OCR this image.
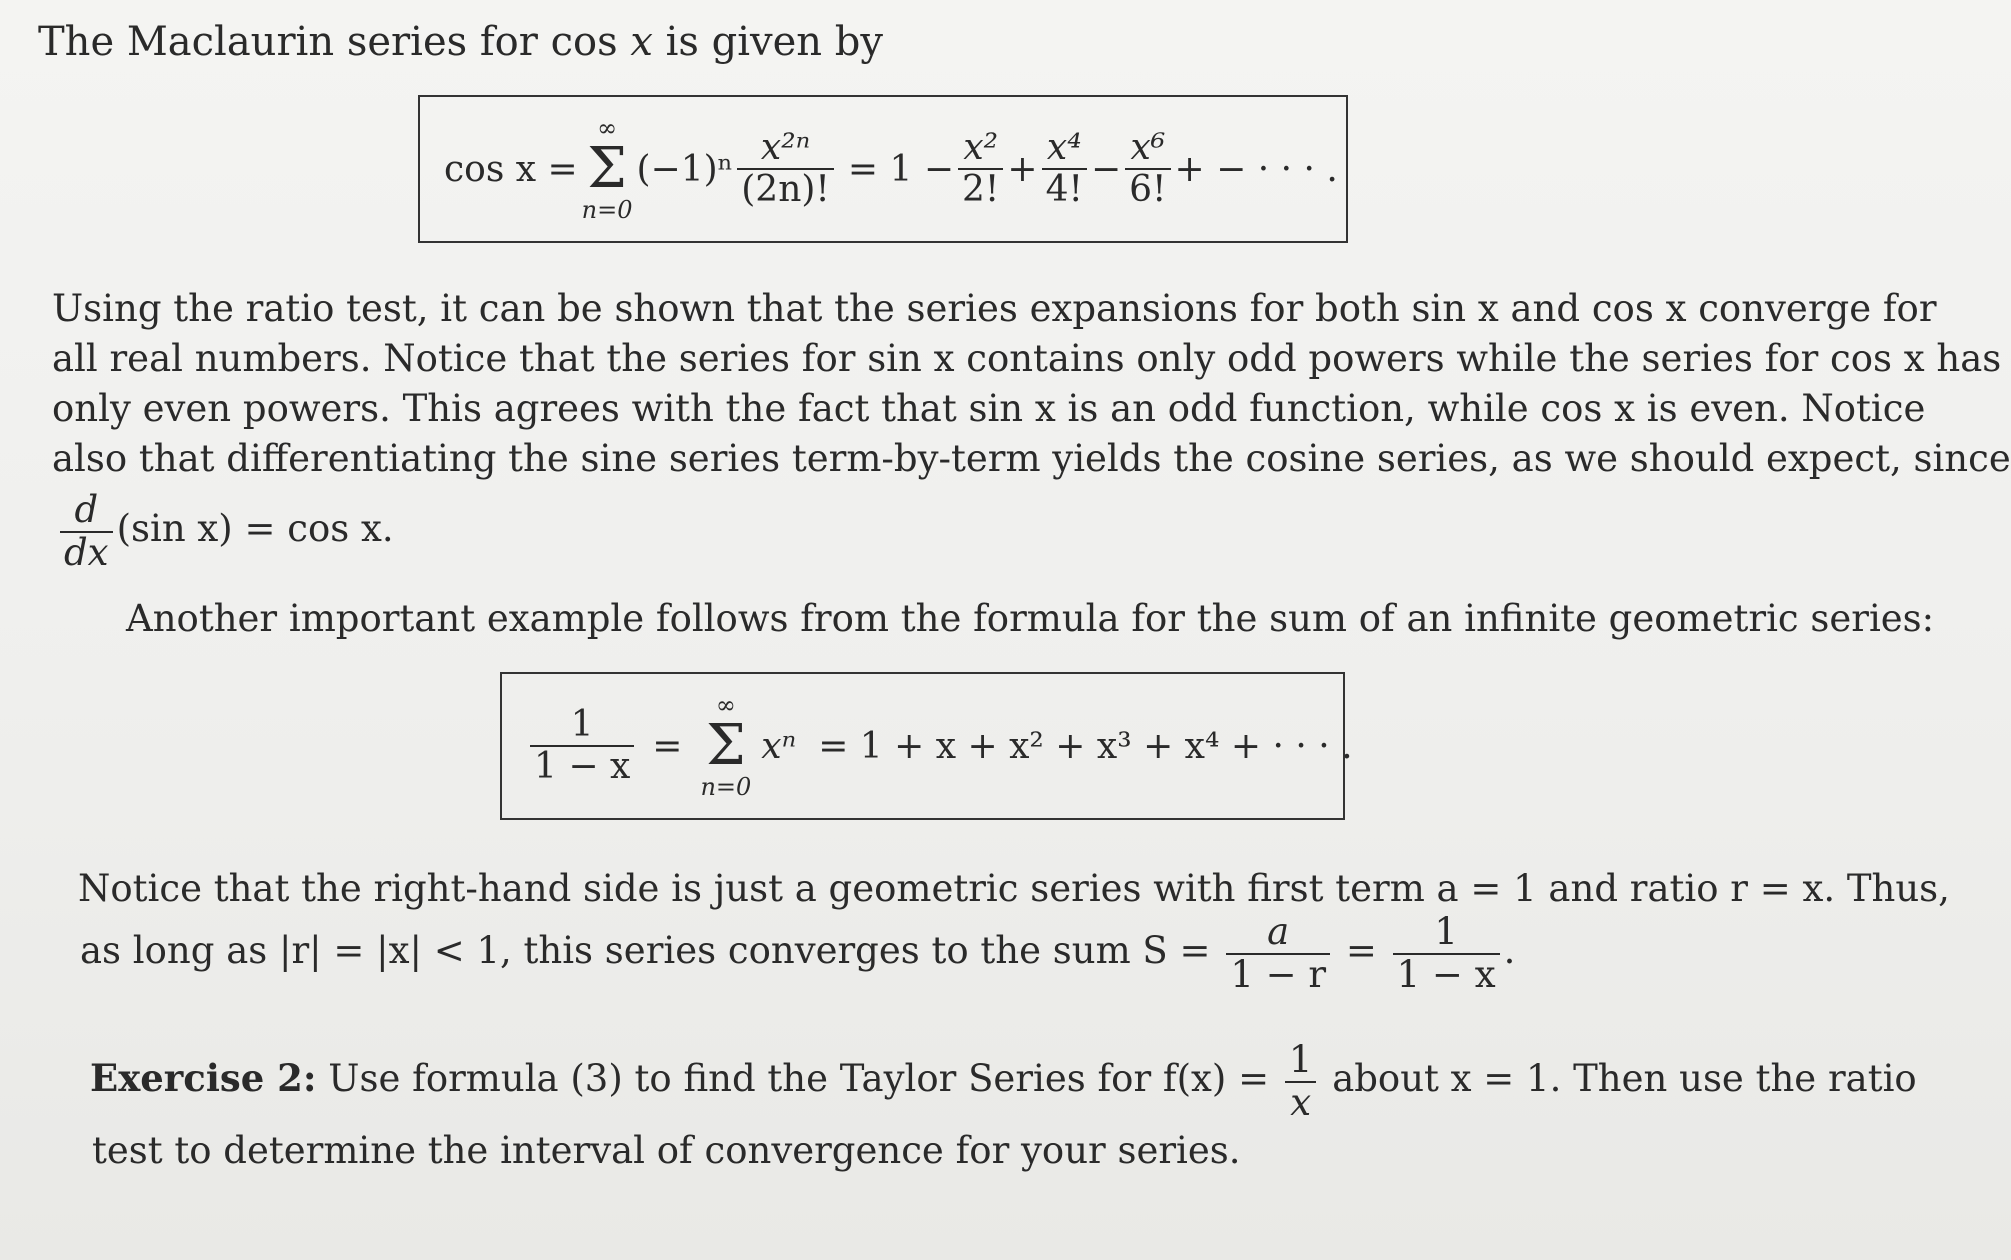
The Maclaurin series for cos x is given by
cos x =
∞
Σ
n=0
$(-1)^n \frac{\text{x²ⁿ}}{(2n)!} = 1 - \frac{\text{x²}}{2!} + \frac{\text{x⁴}}{4!} - \frac{\text{x⁶}}{6!}$ + − · · · .
Using the ratio test, it can be shown that the series expansions for both sin x and cos x converge for
all real numbers. Notice that the series for sin x contains only odd powers while the series for cos x has
only even powers. This agrees with the fact that sin x is an odd function, while cos x is even. Notice
also that differentiating the sine series term-by-term yields the cosine series, as we should expect, since
$\frac{d}{dx} (\sin$ x) = cos x.
Another important example follows from the formula for the sum of an infinite geometric series:
$\frac{1}{1 - x}$ =
∞
Σ
n=0
xⁿ = 1 + x + x² + x³ + x⁴ + · · · .
Notice that the right-hand side is just a geometric series with first term a = 1 and ratio r = x. Thus,
as long as |r| = |x| < 1, this series converges to the sum $S = \frac{a}{1 - r} = \frac{1}{1 - x}$ .
Exercise 2: Use formula (3) to find the Taylor Series for $f(x) = \frac{1}{x}$ about x = 1. Then use the ratio
test to determine the interval of convergence for your series.
